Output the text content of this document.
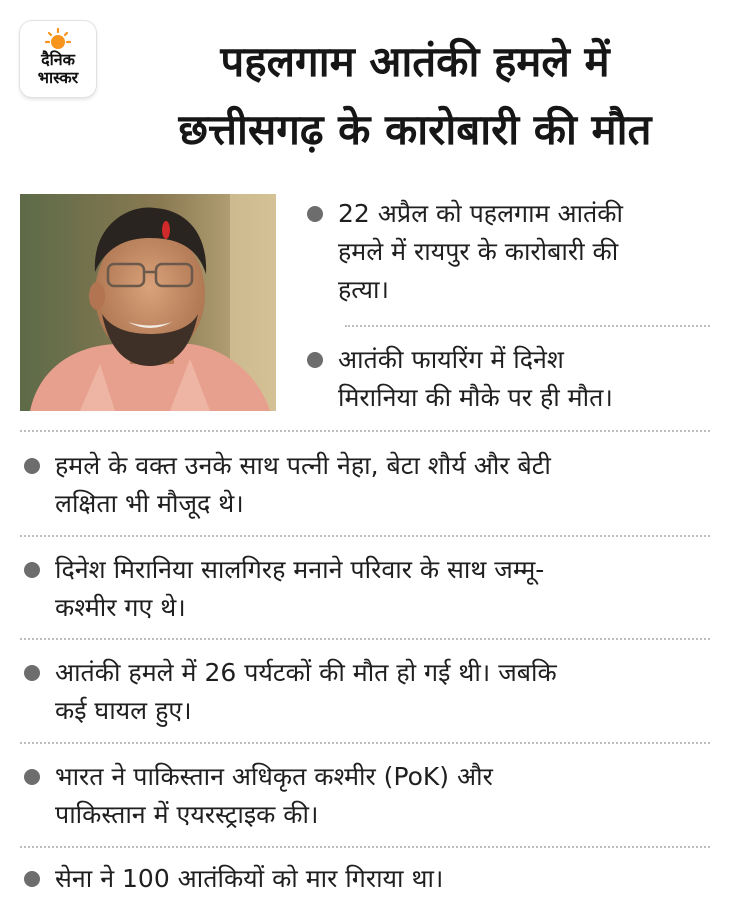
दैनिक
भास्कर	पहलगाम आतंकी हमले में
छत्तीसगढ़ के कारोबारी की मौत
22 अप्रैल को पहलगाम आतंकी
हमले में रायपुर के कारोबारी की
हत्या।
आतंकी फायरिंग में दिनेश
मिरानिया की मौके पर ही मौत।
हमले के वक्त उनके साथ पत्नी नेहा, बेटा शौर्य और बेटी
लक्षिता भी मौजूद थे।
दिनेश मिरानिया सालगिरह मनाने परिवार के साथ जम्मू-
कश्मीर गए थे।
आतंकी हमले में 26 पर्यटकों की मौत हो गई थी। जबकि
कई घायल हुए।
भारत ने पाकिस्तान अधिकृत कश्मीर (PoK) और
पाकिस्तान में एयरस्ट्राइक की।
सेना ने 100 आतंकियों को मार गिराया था।
